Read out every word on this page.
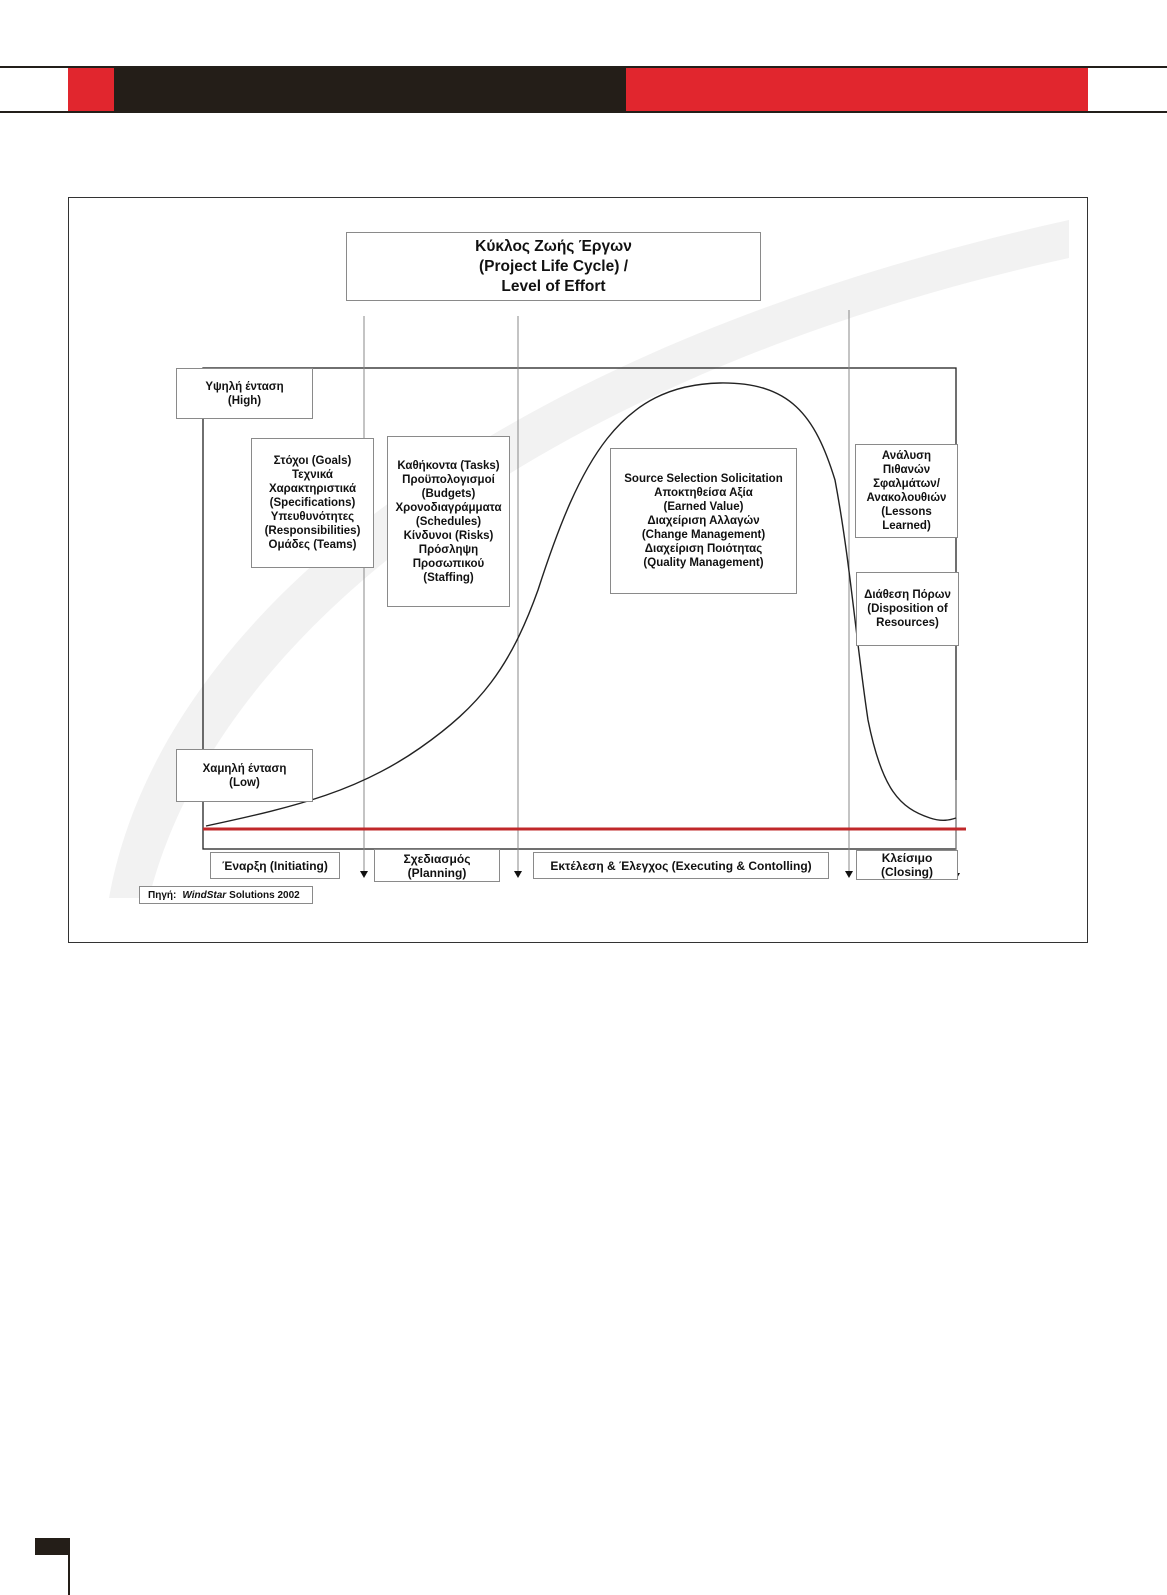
Κύκλος Ζωής Έργων
(Project Life Cycle) /
Level of Effort
Υψηλή ένταση
(High)
Χαμηλή ένταση
(Low)
Στόχοι (Goals)
Τεχνικά
Χαρακτηριστικά
(Specifications)
Υπευθυνότητες
(Responsibilities)
Ομάδες (Teams)
Καθήκοντα (Tasks)
Προϋπολογισμοί
(Budgets)
Χρονοδιαγράμματα
(Schedules)
Κίνδυνοι (Risks)
Πρόσληψη
Προσωπικού
(Staffing)
Source Selection Solicitation
Αποκτηθείσα Αξία
(Earned Value)
Διαχείριση Αλλαγών
(Change Management)
Διαχείριση Ποιότητας
(Quality Management)
Ανάλυση
Πιθανών
Σφαλμάτων/
Ανακολουθιών
(Lessons
Learned)
Διάθεση Πόρων
(Disposition of
Resources)
Έναρξη (Initiating)	Σχεδιασμός
(Planning)	Εκτέλεση & Έλεγχος (Executing & Contolling)
Κλείσιμο
(Closing)
Πηγή: WindStar Solutions 2002
